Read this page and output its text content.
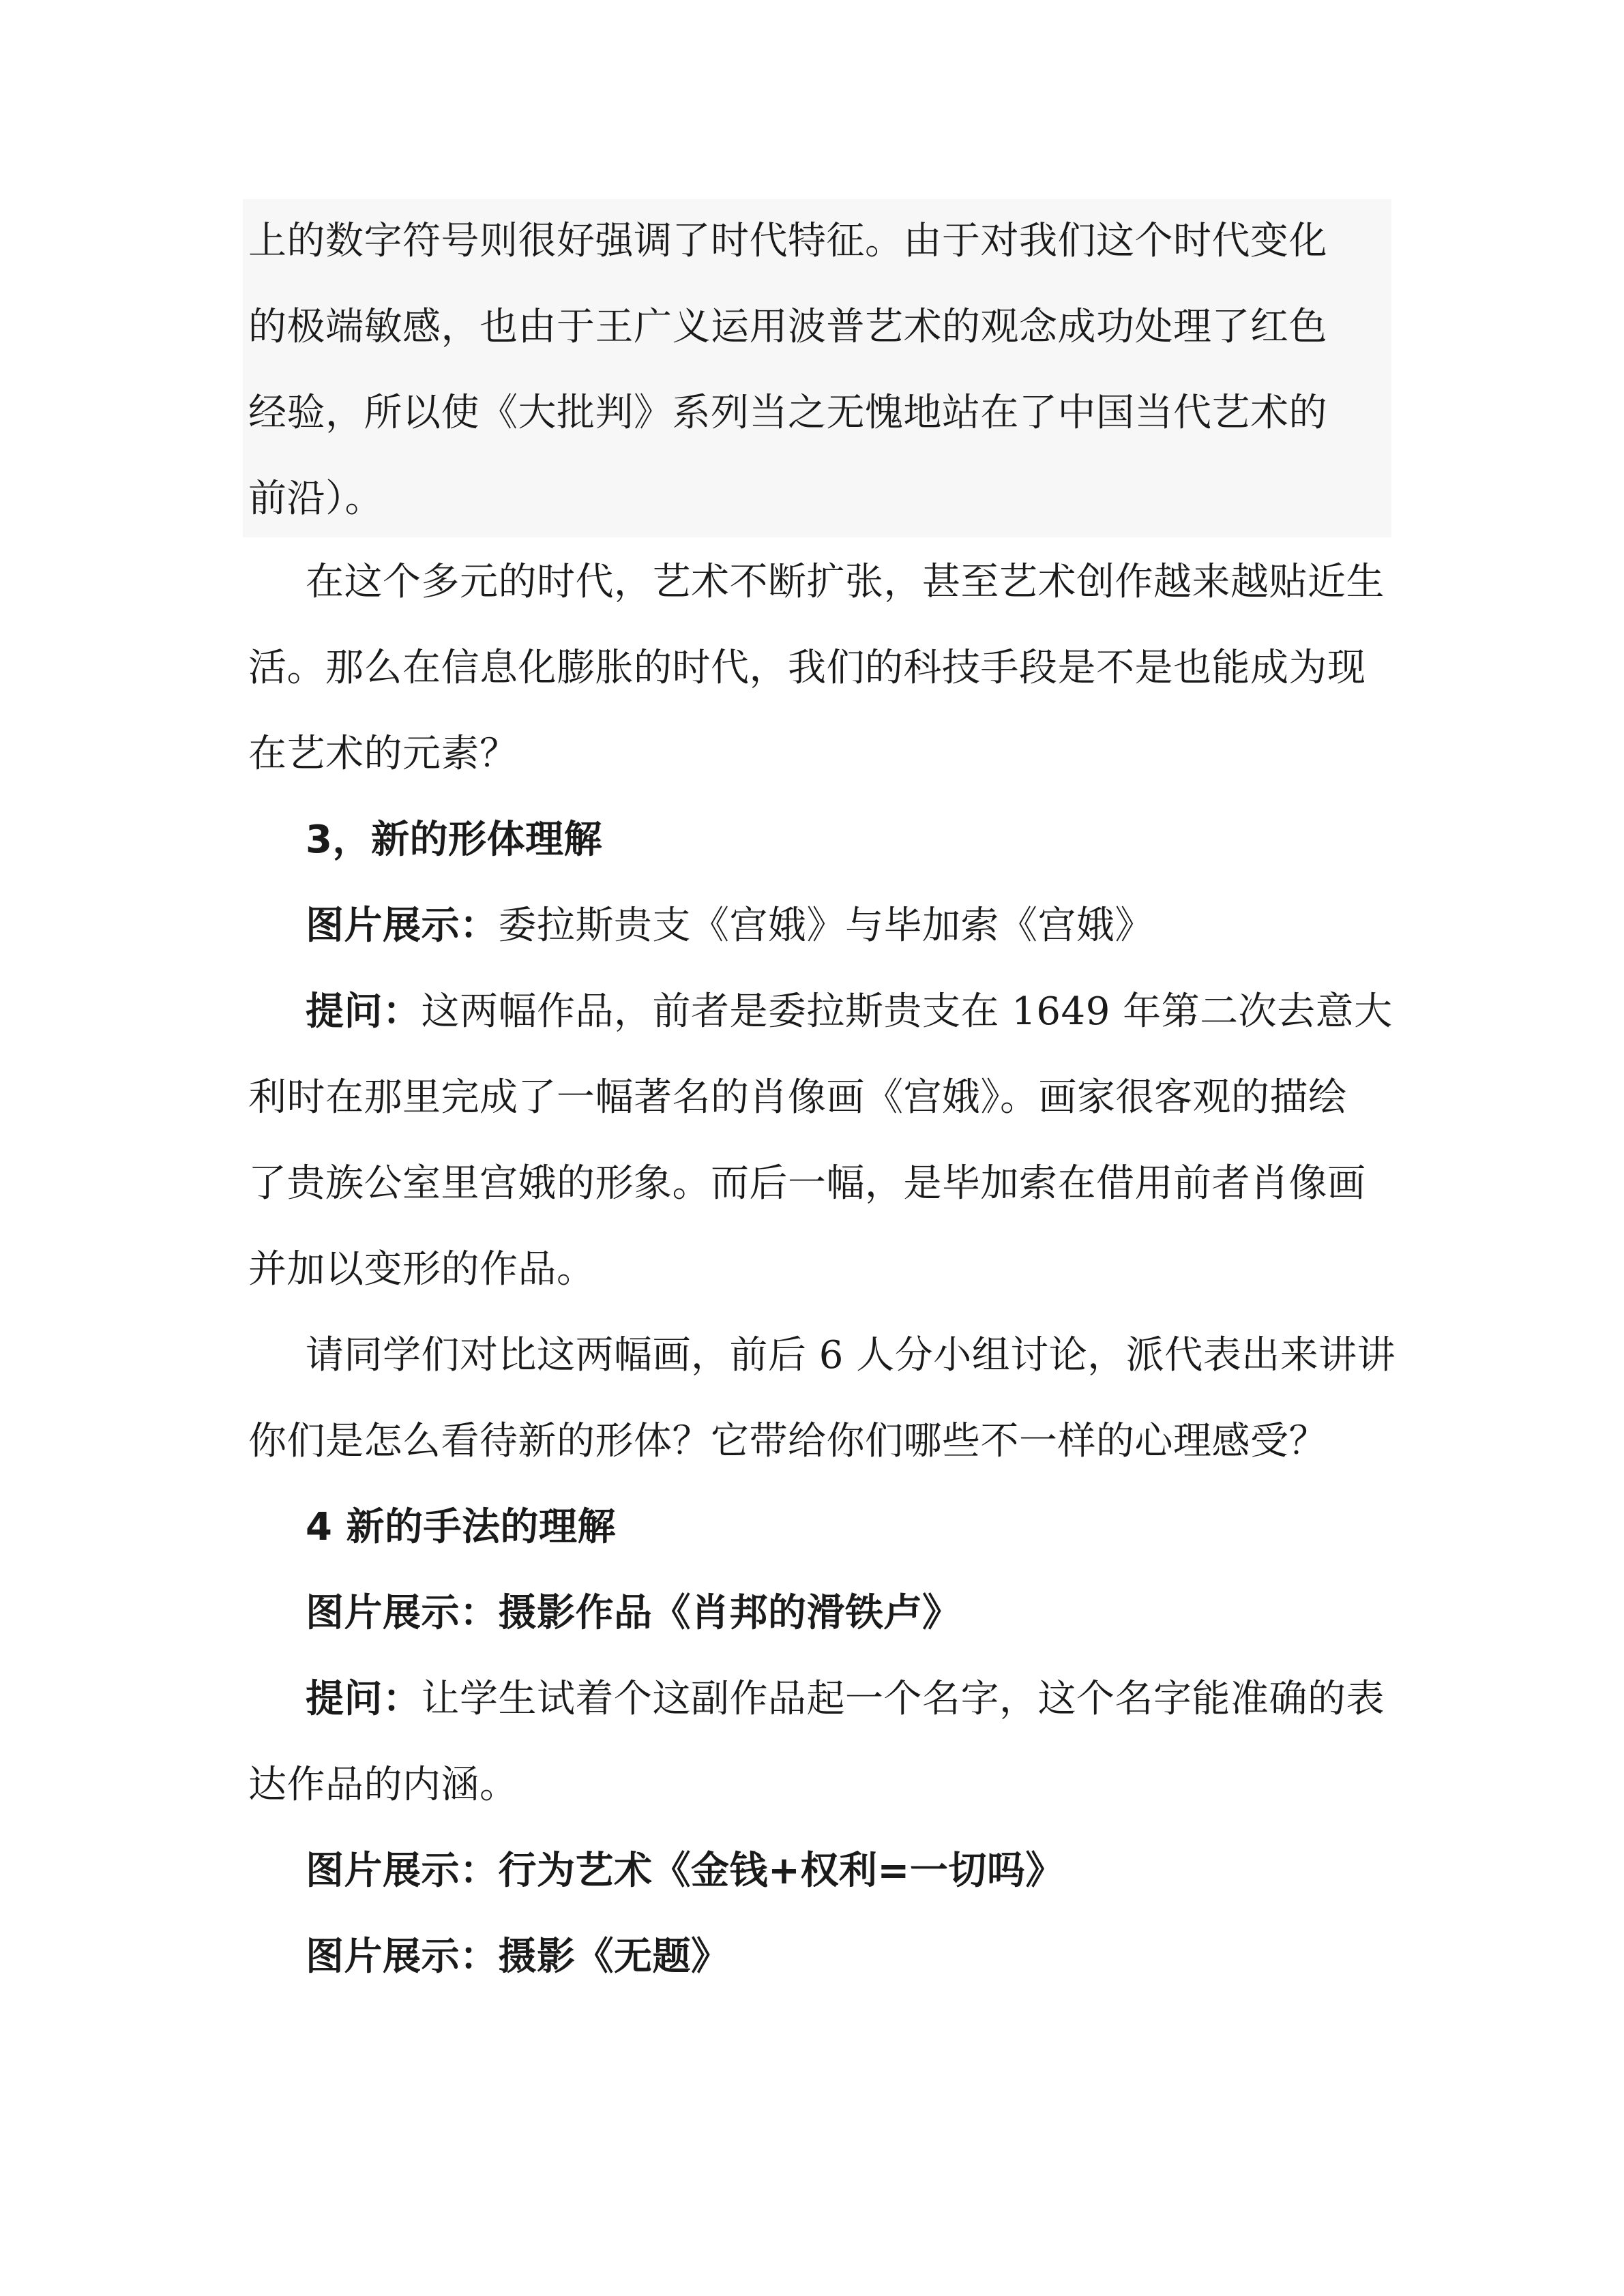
上的数字符号则很好强调了时代特征。由于对我们这个时代变化
的极端敏感，也由于王广义运用波普艺术的观念成功处理了红色
经验，所以使《大批判》系列当之无愧地站在了中国当代艺术的
前沿）。
在这个多元的时代，艺术不断扩张，甚至艺术创作越来越贴近生
活。那么在信息化膨胀的时代，我们的科技手段是不是也能成为现
在艺术的元素？
3，新的形体理解
图片展示：委拉斯贵支《宫娥》与毕加索《宫娥》
提问：这两幅作品，前者是委拉斯贵支在 1649 年第二次去意大
利时在那里完成了一幅著名的肖像画《宫娥》。画家很客观的描绘
了贵族公室里宫娥的形象。而后一幅，是毕加索在借用前者肖像画
并加以变形的作品。
请同学们对比这两幅画，前后 6 人分小组讨论，派代表出来讲讲
你们是怎么看待新的形体？它带给你们哪些不一样的心理感受？
4 新的手法的理解
图片展示：摄影作品《肖邦的滑铁卢》
提问：让学生试着个这副作品起一个名字，这个名字能准确的表
达作品的内涵。
图片展示：行为艺术《金钱+权利=一切吗》
图片展示：摄影《无题》
